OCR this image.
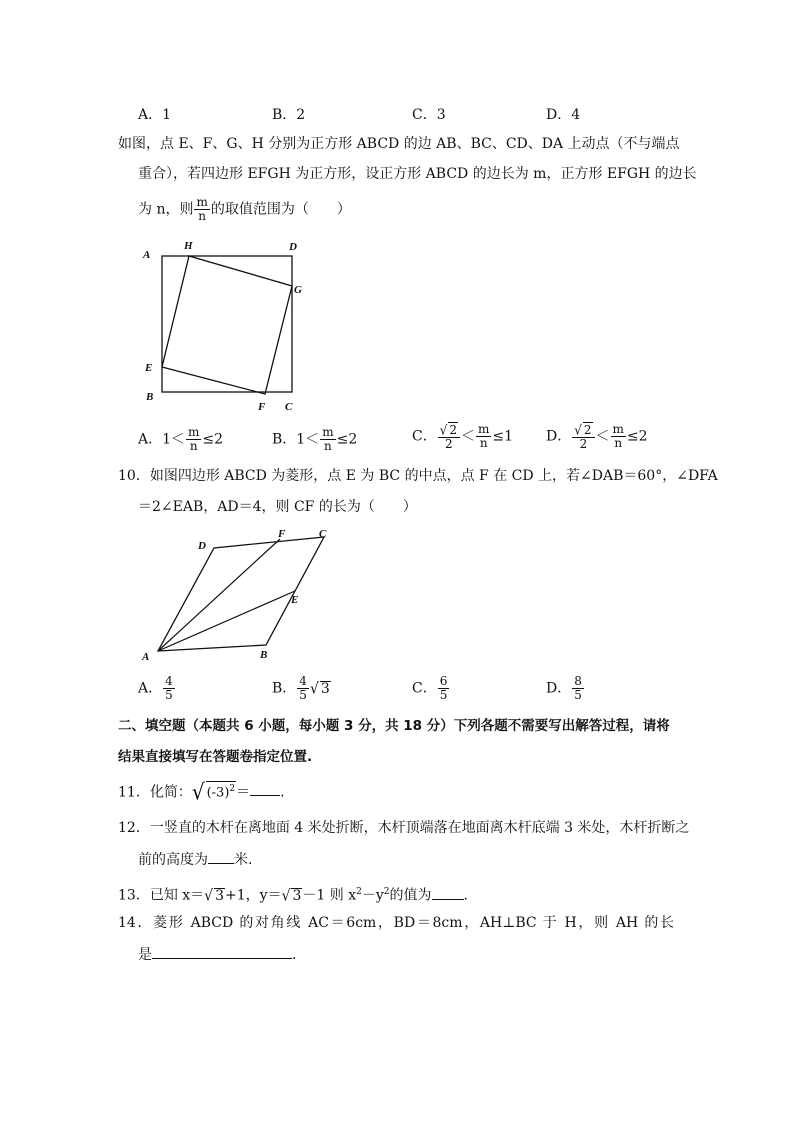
A．1	B．2	C．3	D．4
如图，点 E、F、G、H 分别为正方形 ABCD 的边 AB、BC、CD、DA 上动点（不与端点
重合），若四边形 EFGH 为正方形，设正方形 ABCD 的边长为 m，正方形 EFGH 的边长
为 n，则 $\frac{m}{n}$ 的取值范围为（　　）
A
H	D
G
E
B
F C
A．$1< \frac{m}{n} \le 2$	B．$1< \frac{m}{n} \le 2$	C． $\frac{√ 2}{2} < \frac{m}{n} \le 1$ D． $\frac{√ 2}{2} < \frac{m}{n} \le 2$
10．如图四边形 ABCD 为菱形，点 E 为 BC 的中点，点 F 在 CD 上，若∠DAB＝60°，∠DFA
＝2∠EAB，AD＝4，则 CF 的长为（　　）
D
F	C
E
A	B
A． $\frac{4}{5}$	B． $\frac{4}{5}$ √ 3	C． $\frac{6}{5}$	D． $\frac{8}{5}$
二、填空题（本题共 6 小题，每小题 3 分，共 18 分）下列各题不需要写出解答过程，请将
结果直接填写在答题卷指定位置.
11．化简：√ $(-3)^2=$ .
12．一竖直的木杆在离地面 4 米处折断，木杆顶端落在地面离木杆底端 3 米处，木杆折断之
前的高度为 米.
13．已知 x＝√ 3+1，y＝√ 3－1 则 $x^2-y^2$的值为 .
14．菱形 ABCD 的对角线 AC＝6cm，BD＝8cm，AH⊥BC 于 H，则 AH 的长
是	.
